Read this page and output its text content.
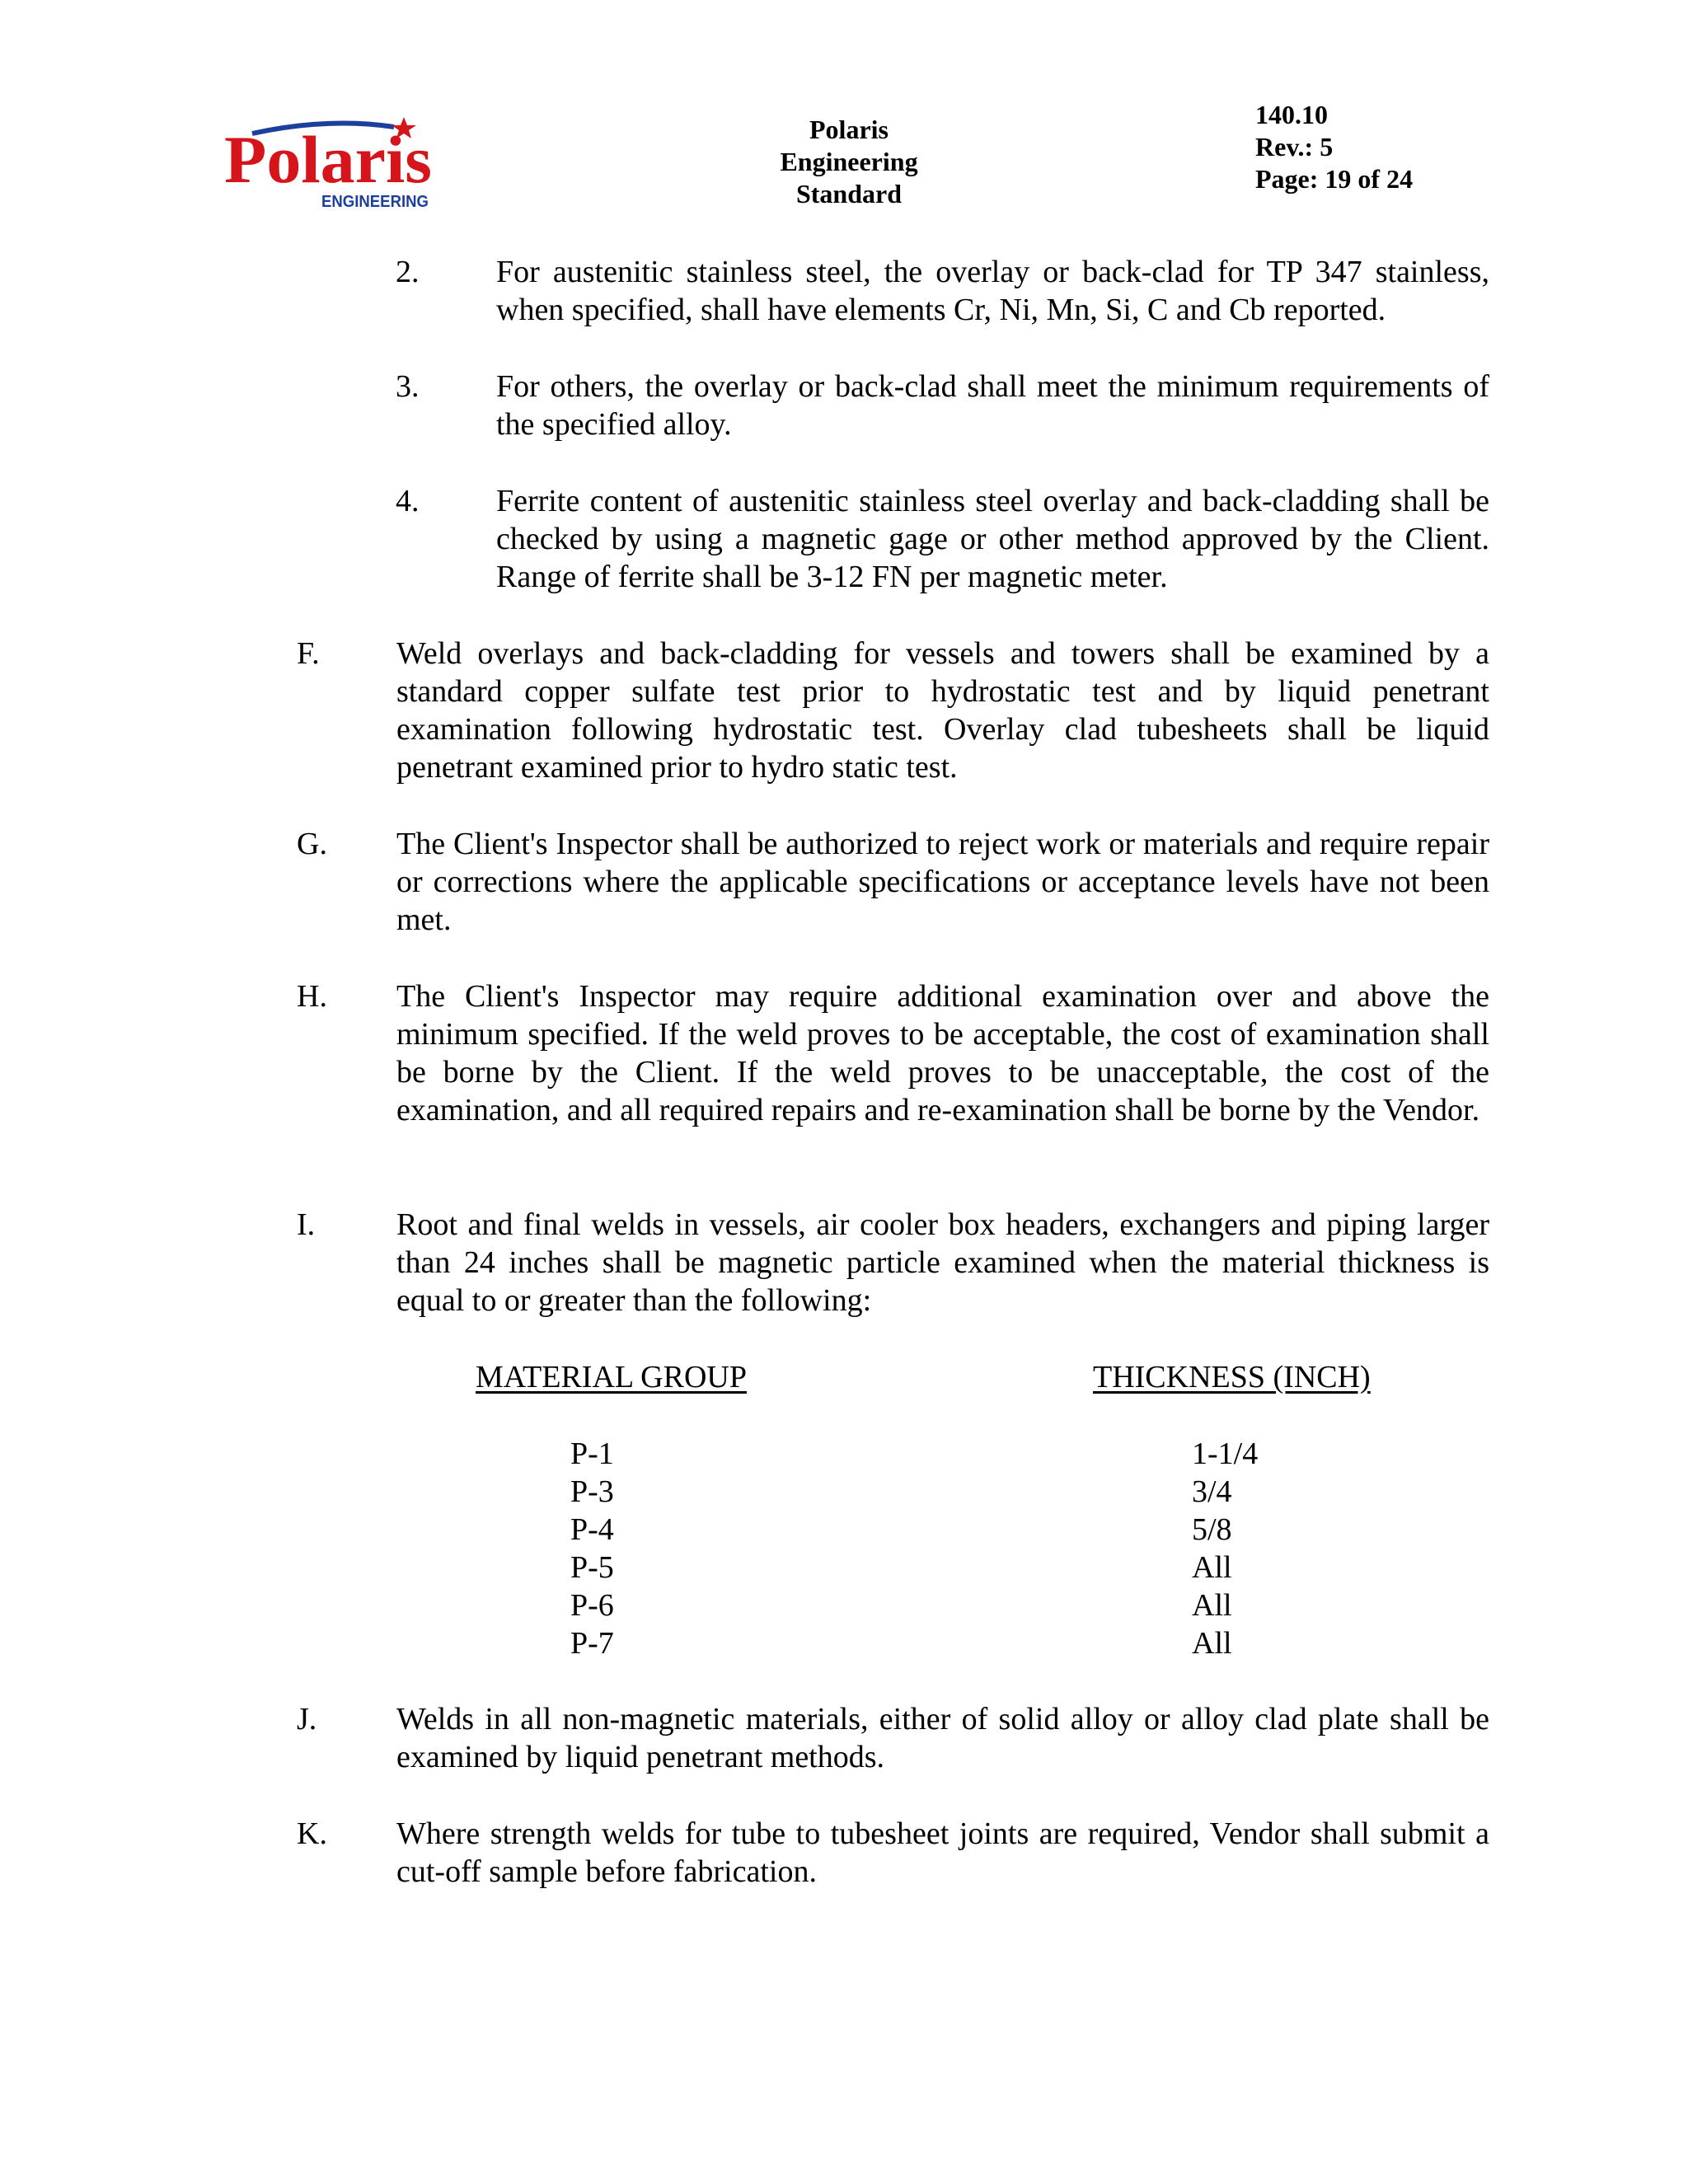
Polaris
ENGINEERING
Polaris
Engineering
Standard
140.10
Rev.: 5
Page: 19 of 24
2. For austenitic stainless steel, the overlay or back-clad for TP 347 stainless, when specified, shall have elements Cr, Ni, Mn, Si, C and Cb reported.
3. For others, the overlay or back-clad shall meet the minimum requirements of the specified alloy.
4. Ferrite content of austenitic stainless steel overlay and back-cladding shall be checked by using a magnetic gage or other method approved by the Client. Range of ferrite shall be 3-12 FN per magnetic meter.
F. Weld overlays and back-cladding for vessels and towers shall be examined by a standard copper sulfate test prior to hydrostatic test and by liquid penetrant examination following hydrostatic test. Overlay clad tubesheets shall be liquid penetrant examined prior to hydro static test.
G. The Client's Inspector shall be authorized to reject work or materials and require repair or corrections where the applicable specifications or acceptance levels have not been met.
H. The Client's Inspector may require additional examination over and above the minimum specified. If the weld proves to be acceptable, the cost of examination shall be borne by the Client. If the weld proves to be unacceptable, the cost of the examination, and all required repairs and re-examination shall be borne by the Vendor.
I.	Root and final welds in vessels, air cooler box headers, exchangers and piping larger than 24 inches shall be magnetic particle examined when the material thickness is equal to or greater than the following:
MATERIAL GROUP	THICKNESS (INCH)
P-1	1-1/4
P-3	3/4
P-4	5/8
P-5	All
P-6	All
P-7	All
J.	Welds in all non-magnetic materials, either of solid alloy or alloy clad plate shall be examined by liquid penetrant methods.
K. Where strength welds for tube to tubesheet joints are required, Vendor shall submit a cut-off sample before fabrication.
